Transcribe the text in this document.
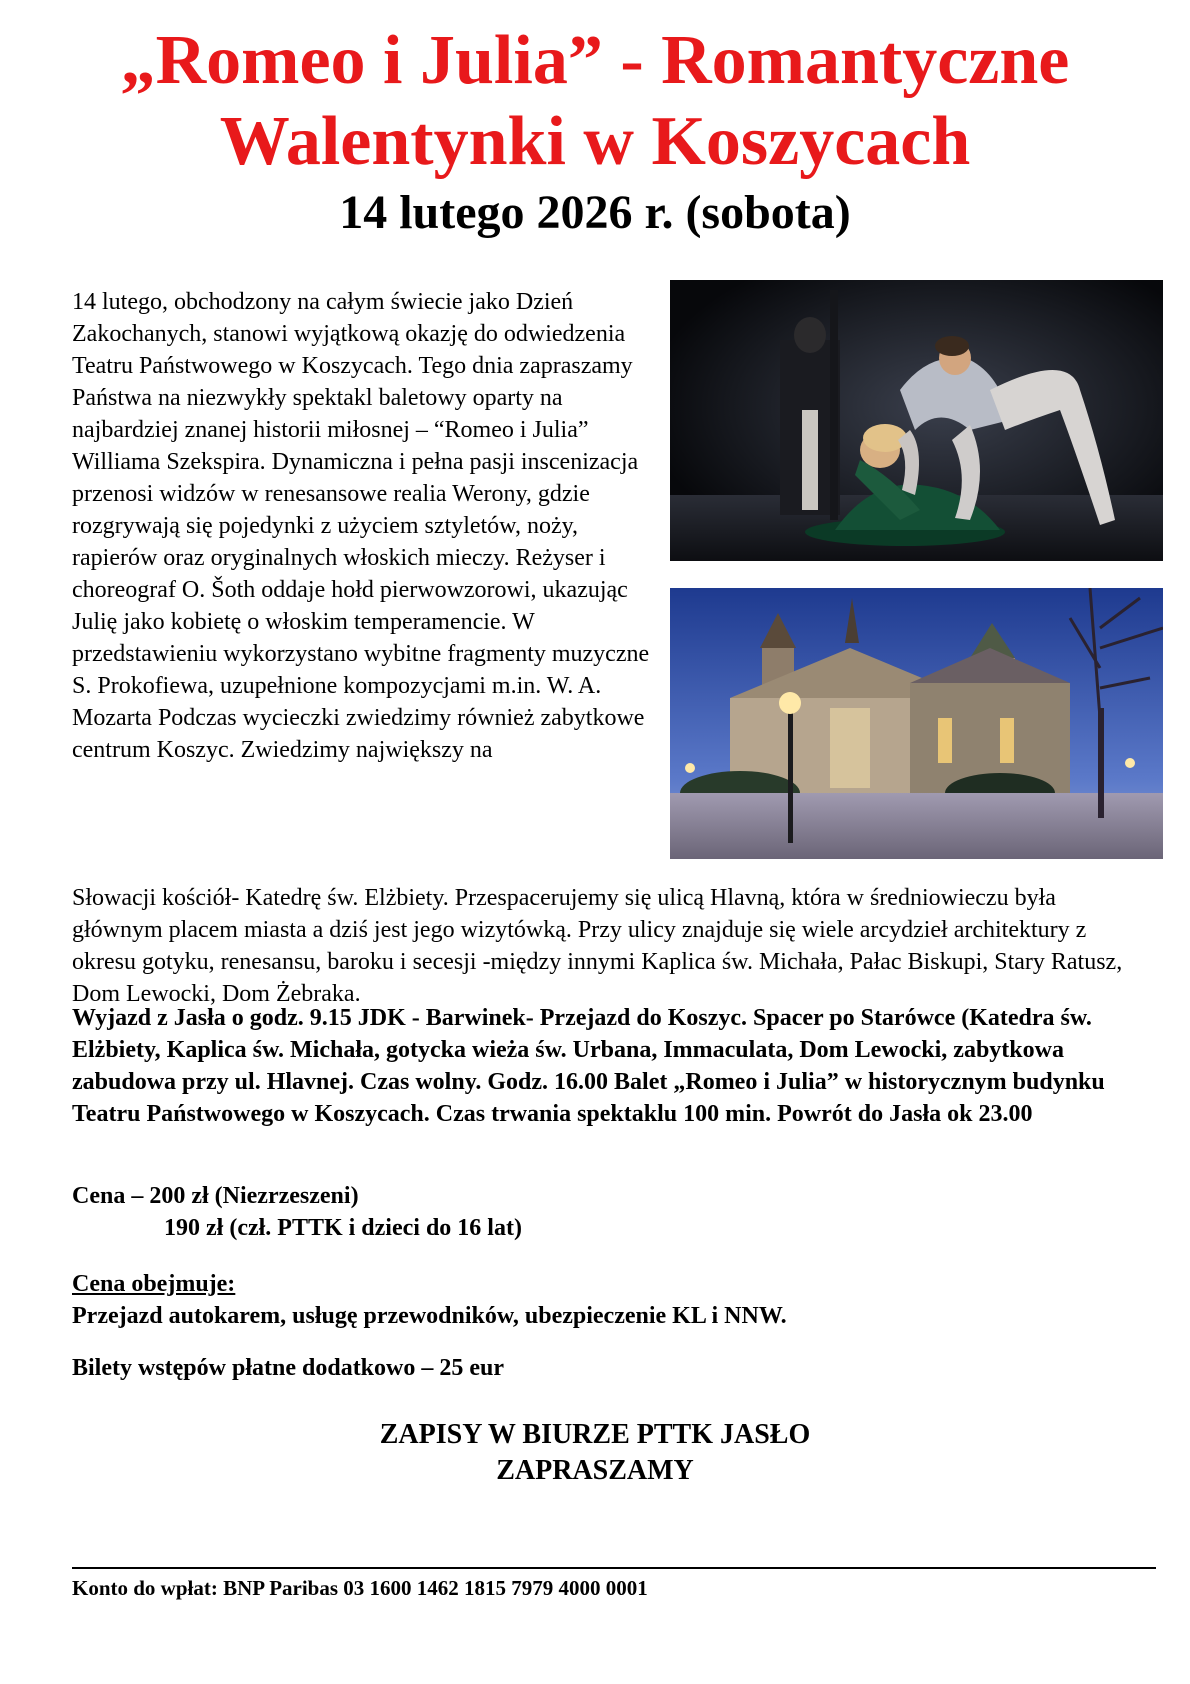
„Romeo i Julia” - Romantyczne
Walentynki w Koszycach
14 lutego 2026 r. (sobota)

14 lutego, obchodzony na całym świecie jako Dzień Zakochanych, stanowi wyjątkową okazję do odwiedzenia Teatru Państwowego w Koszycach. Tego dnia zapraszamy Państwa na niezwykły spektakl baletowy oparty na najbardziej znanej historii miłosnej – “Romeo i Julia” Williama Szekspira. Dynamiczna i pełna pasji inscenizacja przenosi widzów w renesansowe realia Werony, gdzie rozgrywają się pojedynki z użyciem sztyletów, noży, rapierów oraz oryginalnych włoskich mieczy. Reżyser i choreograf O. Šoth oddaje hołd pierwowzorowi, ukazując Julię jako kobietę o włoskim temperamencie. W przedstawieniu wykorzystano wybitne fragmenty muzyczne S. Prokofiewa, uzupełnione kompozycjami m.in. W. A. Mozarta Podczas wycieczki zwiedzimy również zabytkowe centrum Koszyc. Zwiedzimy największy na

Słowacji kościół- Katedrę św. Elżbiety. Przespacerujemy się ulicą Hlavną, która w średniowieczu była głównym placem miasta a dziś jest jego wizytówką. Przy ulicy znajduje się wiele arcydzieł architektury z okresu gotyku, renesansu, baroku i secesji -między innymi Kaplica św. Michała, Pałac Biskupi, Stary Ratusz, Dom Lewocki, Dom Żebraka.

Wyjazd z Jasła o godz. 9.15 JDK - Barwinek- Przejazd do Koszyc. Spacer po Starówce (Katedra św. Elżbiety, Kaplica św. Michała, gotycka wieża św. Urbana, Immaculata, Dom Lewocki, zabytkowa zabudowa przy ul. Hlavnej. Czas wolny. Godz. 16.00 Balet „Romeo i Julia” w historycznym budynku Teatru Państwowego w Koszycach. Czas trwania spektaklu 100 min. Powrót do Jasła ok 23.00

Cena – 200 zł (Niezrzeszeni)

190 zł (czł. PTTK i dzieci do 16 lat)

Cena obejmuje:

Przejazd autokarem, usługę przewodników, ubezpieczenie KL i NNW.

Bilety wstępów płatne dodatkowo – 25 eur

ZAPISY W BIURZE PTTK JASŁO

ZAPRASZAMY

Konto do wpłat: BNP Paribas 03 1600 1462 1815 7979 4000 0001
